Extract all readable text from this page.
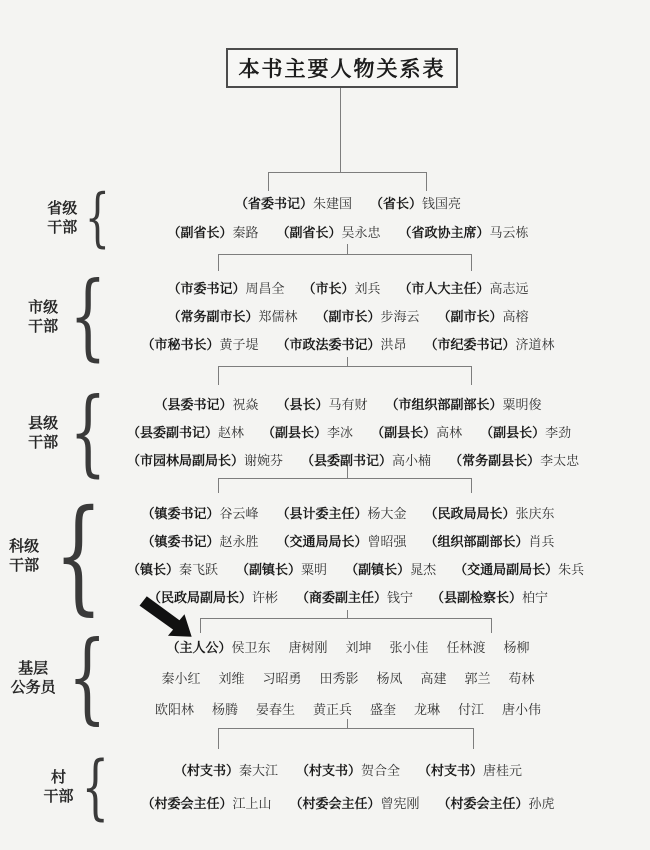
本书主要人物关系表
省级
干部 {	（省委书记）朱建国 （省长）钱国亮
（副省长）秦路 （副省长）吴永忠 （省政协主席）马云栋
市级
干部 {	（市委书记）周昌全 （市长）刘兵 （市人大主任）高志远
（常务副市长）郑儒林 （副市长）步海云 （副市长）高榕
（市秘书长）黄子堤 （市政法委书记）洪昂 （市纪委书记）济道林
县级
干部 {	（县委书记）祝焱 （县长）马有财 （市组织部副部长）粟明俊
（县委副书记）赵林 （副县长）李冰 （副县长）高林 （副县长）李劲
（市园林局副局长）谢婉芬 （县委副书记）高小楠 （常务副县长）李太忠
科级
干部 {	（镇委书记）谷云峰 （县计委主任）杨大金 （民政局局长）张庆东
（镇委书记）赵永胜 （交通局局长）曾昭强 （组织部副部长）肖兵
（镇长）秦飞跃 （副镇长）粟明 （副镇长）晁杰 （交通局副局长）朱兵
（民政局副局长）许彬 （商委副主任）钱宁 （县副检察长）柏宁
基层
公务员 {	（主人公）侯卫东 唐树刚 刘坤 张小佳 任林渡 杨柳
秦小红 刘维 习昭勇 田秀影 杨凤 高建 郭兰 苟林
欧阳林 杨腾 晏春生 黄正兵 盛奎 龙琳 付江 唐小伟
村
干部 {	（村支书）秦大江 （村支书）贺合全 （村支书）唐桂元
（村委会主任）江上山 （村委会主任）曾宪刚 （村委会主任）孙虎
